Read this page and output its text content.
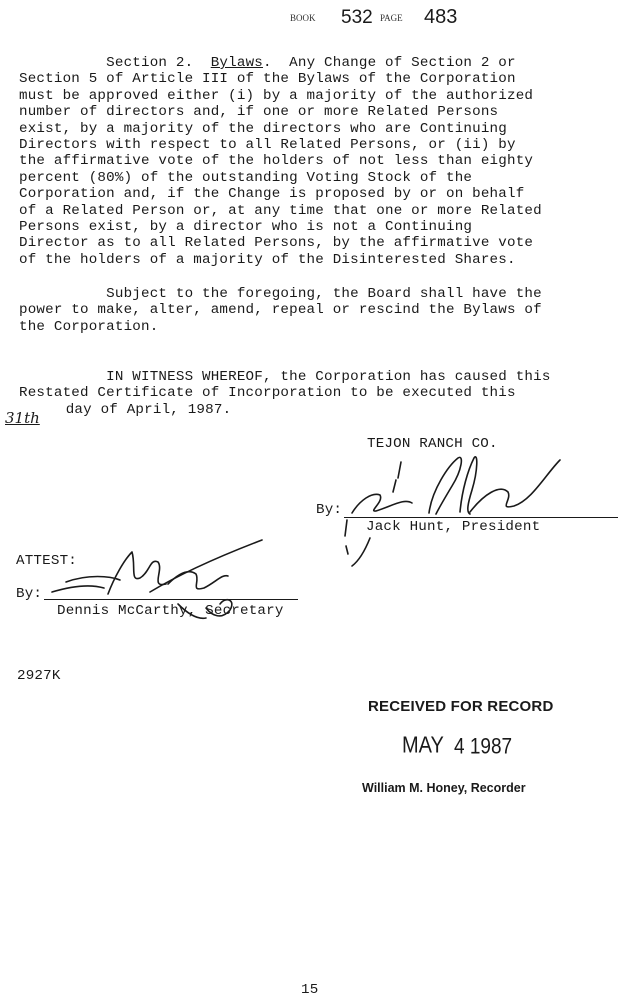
BOOK 532 PAGE 483
Section 2. Bylaws.  Any Change of Section 2 or
Section 5 of Article III of the Bylaws of the Corporation
must be approved either (i) by a majority of the authorized
number of directors and, if one or more Related Persons
exist, by a majority of the directors who are Continuing
Directors with respect to all Related Persons, or (ii) by
the affirmative vote of the holders of not less than eighty
percent (80%) of the outstanding Voting Stock of the
Corporation and, if the Change is proposed by or on behalf
of a Related Person or, at any time that one or more Related
Persons exist, by a director who is not a Continuing
Director as to all Related Persons, by the affirmative vote
of the holders of a majority of the Disinterested Shares.
Subject to the foregoing, the Board shall have the
power to make, alter, amend, repeal or rescind the Bylaws of
the Corporation.
IN WITNESS WHEREOF, the Corporation has caused this
Restated Certificate of Incorporation to be executed this
31th day of April, 1987.
TEJON RANCH CO.
By:
Jack Hunt, President
ATTEST:
By:
Dennis McCarthy, Secretary
2927K
RECEIVED FOR RECORD
MAY 4 1987
William M. Honey, Recorder
15
